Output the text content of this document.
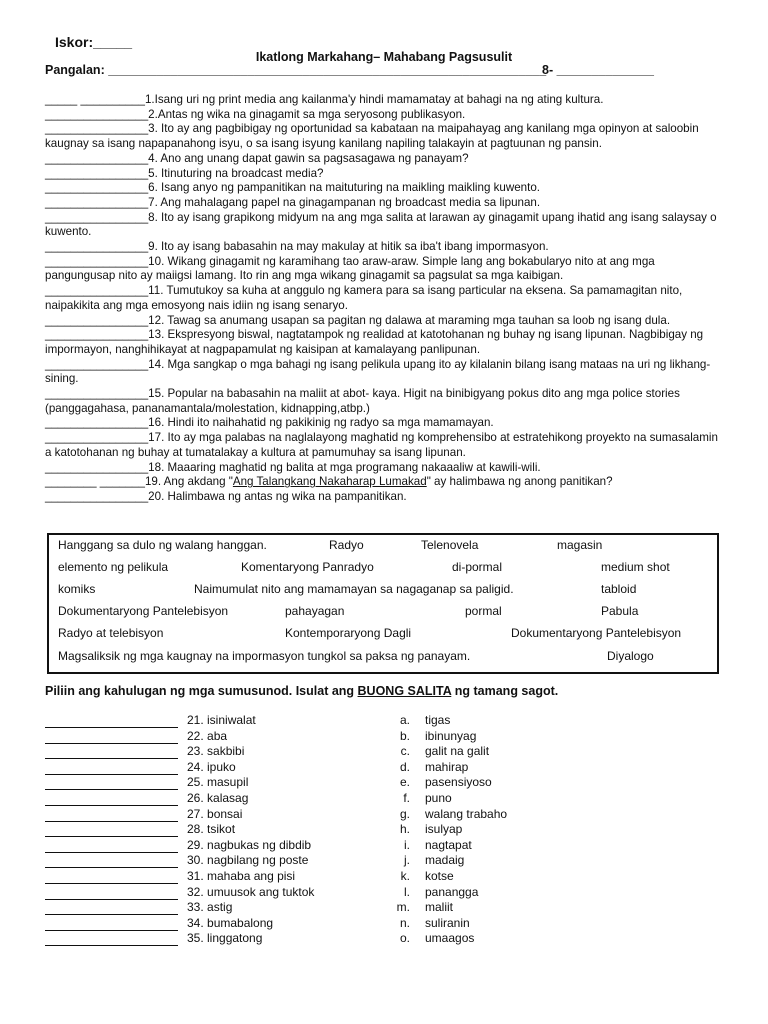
Iskor:_____
Ikatlong Markahang– Mahabang Pagsusulit
Pangalan: _______________________________________________________________
8- ______________
_____ __________1.Isang uri ng print media ang kailanma'y hindi mamamatay at bahagi na ng ating kultura.
________________2.Antas ng wika na ginagamit sa mga seryosong publikasyon.
________________3. Ito ay ang pagbibigay ng oportunidad sa kabataan na maipahayag ang kanilang mga opinyon at saloobin kaugnay sa isang napapanahong isyu, o sa isang isyung kanilang napiling talakayin at pagtuunan ng pansin.
________________4. Ano ang unang dapat gawin sa pagsasagawa ng panayam?
________________5. Itinuturing na broadcast media?
________________6. Isang anyo ng pampanitikan na maituturing na maikling maikling kuwento.
________________7. Ang mahalagang papel na ginagampanan ng broadcast media sa lipunan.
________________8. Ito ay isang grapikong midyum na ang mga salita at larawan ay ginagamit upang ihatid ang isang salaysay o kuwento.
________________9. Ito ay isang babasahin na may makulay at hitik sa iba't ibang impormasyon.
________________10. Wikang ginagamit ng karamihang tao araw-araw. Simple lang ang bokabularyo nito at ang mga pangungusap nito ay maiigsi lamang. Ito rin ang mga wikang ginagamit sa pagsulat sa mga kaibigan.
________________11. Tumutukoy sa kuha at anggulo ng kamera para sa isang particular na eksena. Sa pamamagitan nito, naipakikita ang mga emosyong nais idiin ng isang senaryo.
________________12. Tawag sa anumang usapan sa pagitan ng dalawa at maraming mga tauhan sa loob ng isang dula.
________________13. Ekspresyong biswal, nagtatampok ng realidad at katotohanan ng buhay ng isang lipunan. Nagbibigay ng impormayon, nanghihikayat at nagpapamulat ng kaisipan at kamalayang panlipunan.
________________14. Mga sangkap o mga bahagi ng isang pelikula upang ito ay kilalanin bilang isang mataas na uri ng likhang-sining.
________________15. Popular na babasahin na maliit at abot- kaya. Higit na binibigyang pokus dito ang mga police stories (panggagahasa, pananamantala/molestation, kidnapping,atbp.)
________________16. Hindi ito naihahatid ng pakikinig ng radyo sa mga mamamayan.
________________17. Ito ay mga palabas na naglalayong maghatid ng komprehensibo at estratehikong proyekto na sumasalamin a katotohanan ng buhay at tumatalakay a kultura at pamumuhay sa isang lipunan.
________________18. Maaaring maghatid ng balita at mga programang nakaaaliw at kawili-wili.
________ _______19. Ang akdang "Ang Talangkang Nakaharap Lumakad" ay halimbawa ng anong panitikan?
________________20. Halimbawa ng antas ng wika na pampanitikan.
Hanggang sa dulo ng walang hanggan.	Radyo	Telenovela	magasin
elemento ng pelikula	Komentaryong Panradyo	di-pormal	medium shot
komiks	Naimumulat nito ang mamamayan sa nagaganap sa paligid.	tabloid
Dokumentaryong Pantelebisyon	pahayagan	pormal	Pabula
Radyo at telebisyon	Kontemporaryong Dagli	Dokumentaryong Pantelebisyon
Magsaliksik ng mga kaugnay na impormasyon tungkol sa paksa ng panayam.	Diyalogo
Piliin ang kahulugan ng mga sumusunod. Isulat ang BUONG SALITA ng tamang sagot.
21. isiniwalat	a. tigas
22. aba	b. ibinunyag
23. sakbibi	c. galit na galit
24. ipuko	d. mahirap
25. masupil	e. pasensiyoso
26. kalasag	f. puno
27. bonsai	g. walang trabaho
28. tsikot	h. isulyap
29. nagbukas ng dibdib	i. nagtapat
30. nagbilang ng poste	j. madaig
31. mahaba ang pisi	k. kotse
32. umuusok ang tuktok	l. panangga
33. astig	m. maliit
34. bumabalong	n. suliranin
35. linggatong	o. umaagos
